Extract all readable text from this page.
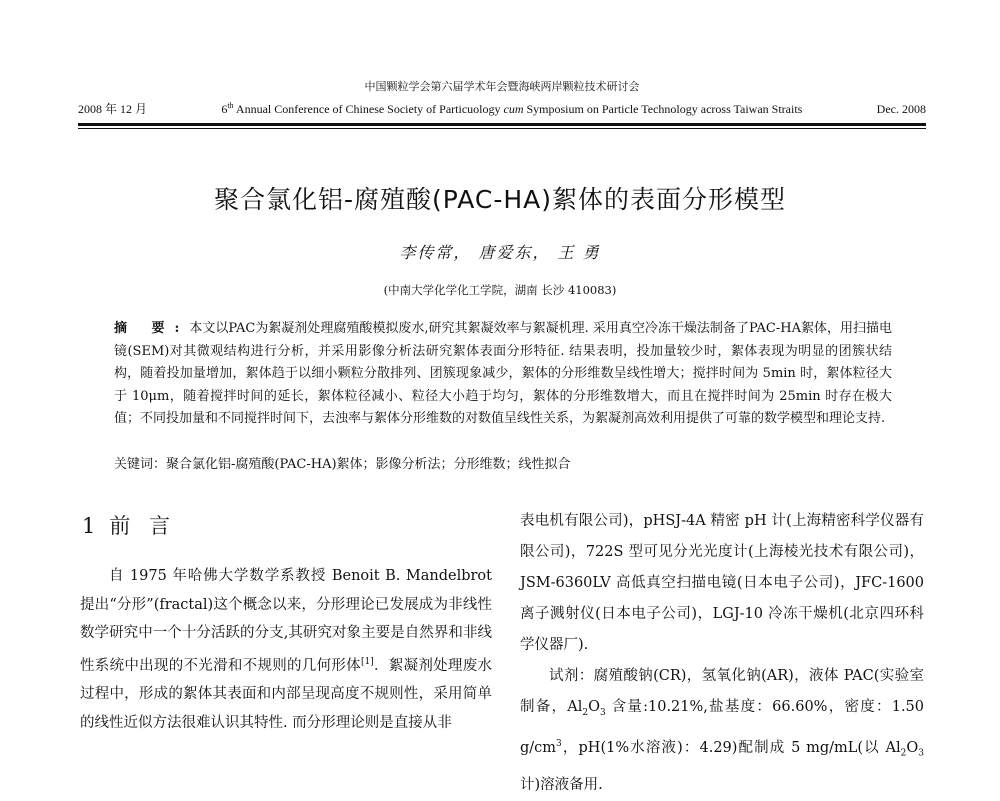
中国颗粒学会第六届学术年会暨海峡两岸颗粒技术研讨会
2008 年 12 月	6th Annual Conference of Chinese Society of Particuology cum Symposium on Particle Technology across Taiwan Straits	Dec. 2008
聚合氯化铝-腐殖酸(PAC-HA)絮体的表面分形模型
李传常， 唐爱东， 王 勇
(中南大学化学化工学院，湖南 长沙 410083)
摘 要:本文以PAC为絮凝剂处理腐殖酸模拟废水,研究其絮凝效率与絮凝机理. 采用真空冷冻干燥法制备了PAC-HA絮体，用扫描电镜(SEM)对其微观结构进行分析，并采用影像分析法研究絮体表面分形特征. 结果表明，投加量较少时，絮体表现为明显的团簇状结构，随着投加量增加，絮体趋于以细小颗粒分散排列、团簇现象减少，絮体的分形维数呈线性增大；搅拌时间为 5min 时，絮体粒径大于 10μm，随着搅拌时间的延长，絮体粒径减小、粒径大小趋于均匀，絮体的分形维数增大，而且在搅拌时间为 25min 时存在极大值；不同投加量和不同搅拌时间下，去浊率与絮体分形维数的对数值呈线性关系，为絮凝剂高效利用提供了可靠的数学模型和理论支持.
关键词：聚合氯化铝-腐殖酸(PAC-HA)絮体；影像分析法；分形维数；线性拟合
1 前 言

自 1975 年哈佛大学数学系教授 Benoit B. Mandelbrot 提出“分形”(fractal)这个概念以来，分形理论已发展成为非线性数学研究中一个十分活跃的分支,其研究对象主要是自然界和非线性系统中出现的不光滑和不规则的几何形体[1]．絮凝剂处理废水过程中，形成的絮体其表面和内部呈现高度不规则性，采用简单的线性近似方法很难认识其特性. 而分形理论则是直接从非

表电机有限公司)，pHSJ-4A 精密 pH 计(上海精密科学仪器有限公司)，722S 型可见分光光度计(上海棱光技术有限公司)，JSM-6360LV 高低真空扫描电镜(日本电子公司)，JFC-1600 离子溅射仪(日本电子公司)，LGJ-10 冷冻干燥机(北京四环科学仪器厂).

试剂：腐殖酸钠(CR)，氢氧化钠(AR)，液体 PAC(实验室制备，$Al_2O_3$ 含量:10.21%,盐基度：66.60%，密度：1.50 $g/cm^3$，pH(1%水溶液)：4.29)配制成 5 mg/mL(以 $Al_2O_3$ 计)溶液备用.
